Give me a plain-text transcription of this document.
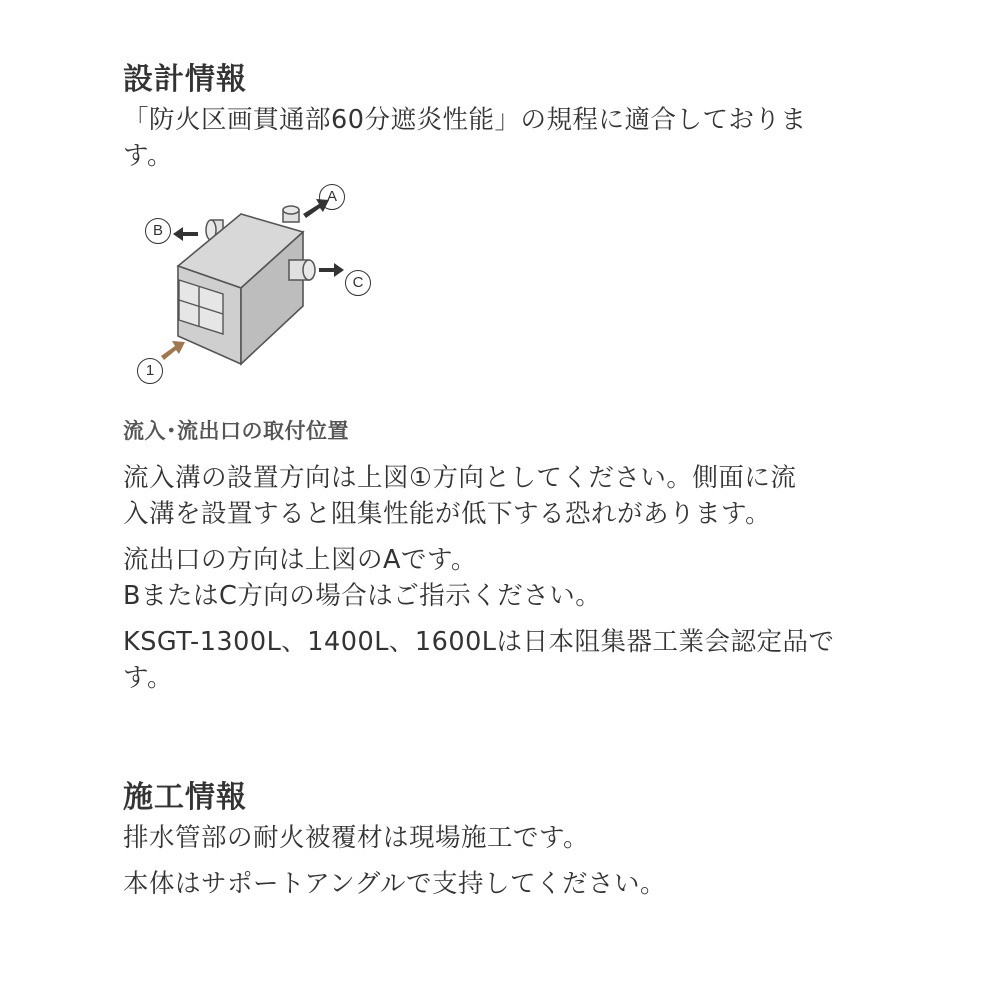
設計情報

「防火区画貫通部60分遮炎性能」の規程に適合しておりま
す。

A
B
C
1

流入･流出口の取付位置

流入溝の設置方向は上図①方向としてください。側面に流
入溝を設置すると阻集性能が低下する恐れがあります。

流出口の方向は上図のAです。
BまたはC方向の場合はご指示ください。

KSGT-1300L、1400L、1600Lは日本阻集器工業会認定品で
す。

施工情報

排水管部の耐火被覆材は現場施工です。

本体はサポートアングルで支持してください。
